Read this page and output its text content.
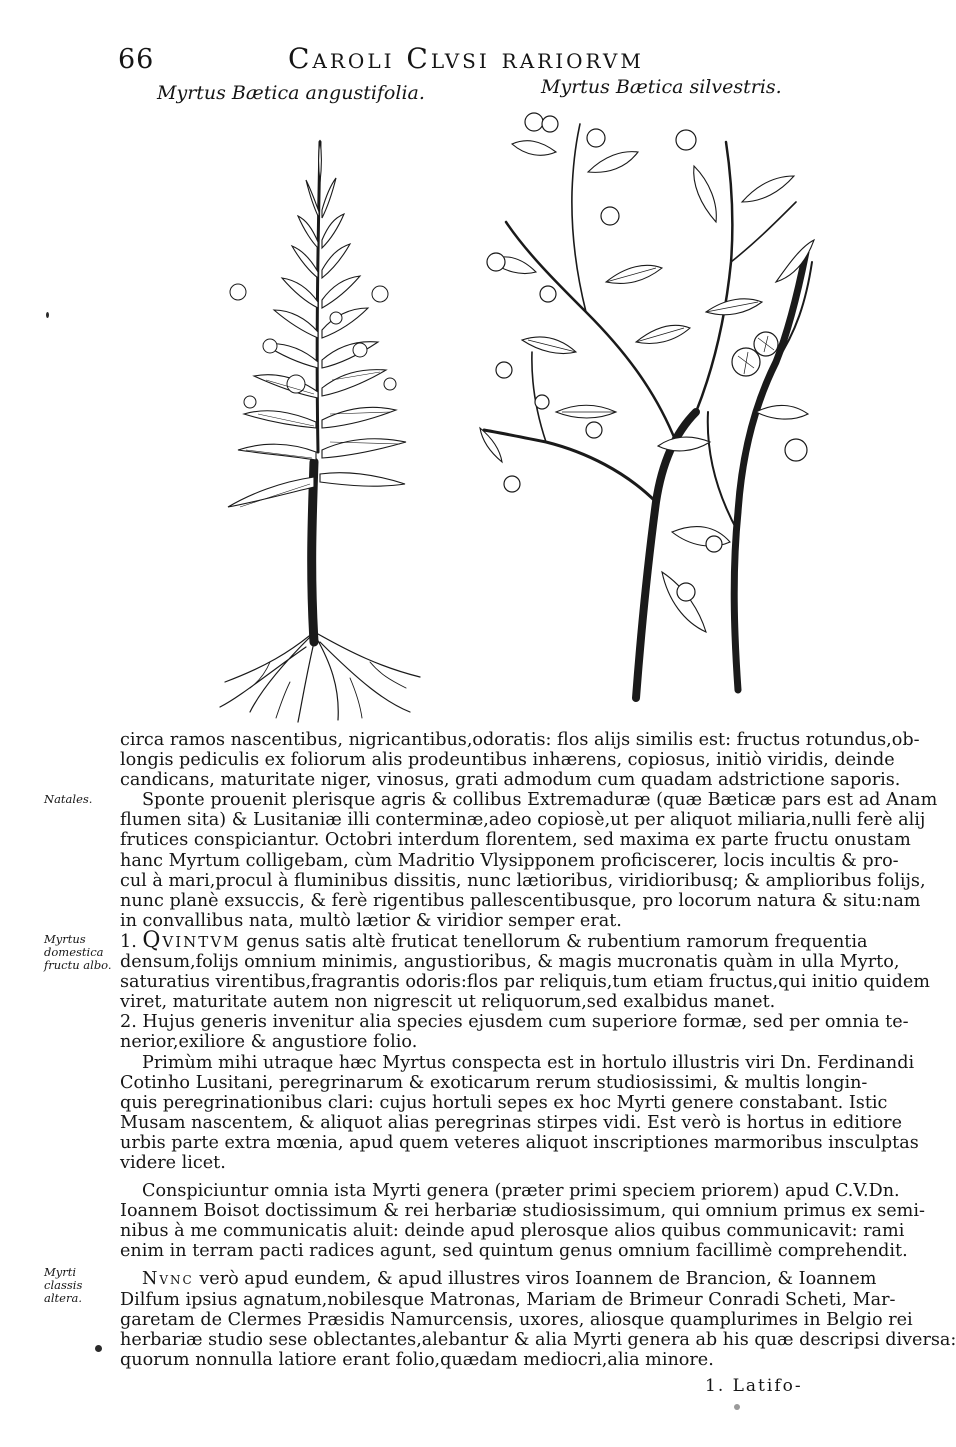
66	Caroli Clvsi rariorvm
Myrtus Bætica angustifolia.	Myrtus Bætica silvestris.
Natales.
Myrtus domestica fructu albo.
Myrti classis altera.

circa ramos nascentibus, nigricantibus,odoratis: flos alijs similis est: fructus rotundus,ob-
longis pediculis ex foliorum alis prodeuntibus inhærens, copiosus, initiò viridis, deinde
candicans, maturitate niger, vinosus, grati admodum cum quadam adstrictione saporis.

Sponte prouenit plerisque agris & collibus Extremaduræ (quæ Bæticæ pars est ad Anam
flumen sita) & Lusitaniæ illi conterminæ,adeo copiosè,ut per aliquot miliaria,nulli ferè alij
frutices conspiciantur. Octobri interdum florentem, sed maxima ex parte fructu onustam
hanc Myrtum colligebam, cùm Madritio Vlysipponem proficiscerer, locis incultis & pro-
cul à mari,procul à fluminibus dissitis, nunc lætioribus, viridioribusq; & amplioribus folijs,
nunc planè exsuccis, & ferè rigentibus pallescentibusque, pro locorum natura & situ:nam
in convallibus nata, multò lætior & viridior semper erat.

1. Qvintvm genus satis altè fruticat tenellorum & rubentium ramorum frequentia
densum,folijs omnium minimis, angustioribus, & magis mucronatis quàm in ulla Myrto,
saturatius virentibus,fragrantis odoris:flos par reliquis,tum etiam fructus,qui initio quidem
viret, maturitate autem non nigrescit ut reliquorum,sed exalbidus manet.

2. Hujus generis invenitur alia species ejusdem cum superiore formæ, sed per omnia te-
nerior,exiliore & angustiore folio.

Primùm mihi utraque hæc Myrtus conspecta est in hortulo illustris viri Dn. Ferdinandi
Cotinho Lusitani, peregrinarum & exoticarum rerum studiosissimi, & multis longin-
quis peregrinationibus clari: cujus hortuli sepes ex hoc Myrti genere constabant. Istic
Musam nascentem, & aliquot alias peregrinas stirpes vidi. Est verò is hortus in editiore
urbis parte extra mœnia, apud quem veteres aliquot inscriptiones marmoribus insculptas
videre licet.

Conspiciuntur omnia ista Myrti genera (præter primi speciem priorem) apud C.V.Dn.
Ioannem Boisot doctissimum & rei herbariæ studiosissimum, qui omnium primus ex semi-
nibus à me communicatis aluit: deinde apud plerosque alios quibus communicavit: rami
enim in terram pacti radices agunt, sed quintum genus omnium facillimè comprehendit.

Nvnc verò apud eundem, & apud illustres viros Ioannem de Brancion, & Ioannem
Dilfum ipsius agnatum,nobilesque Matronas, Mariam de Brimeur Conradi Scheti, Mar-
garetam de Clermes Præsidis Namurcensis, uxores, aliosque quamplurimes in Belgio rei
herbariæ studio sese oblectantes,alebantur & alia Myrti genera ab his quæ descripsi diversa:
quorum nonnulla latiore erant folio,quædam mediocri,alia minore.

1. Latifo-
